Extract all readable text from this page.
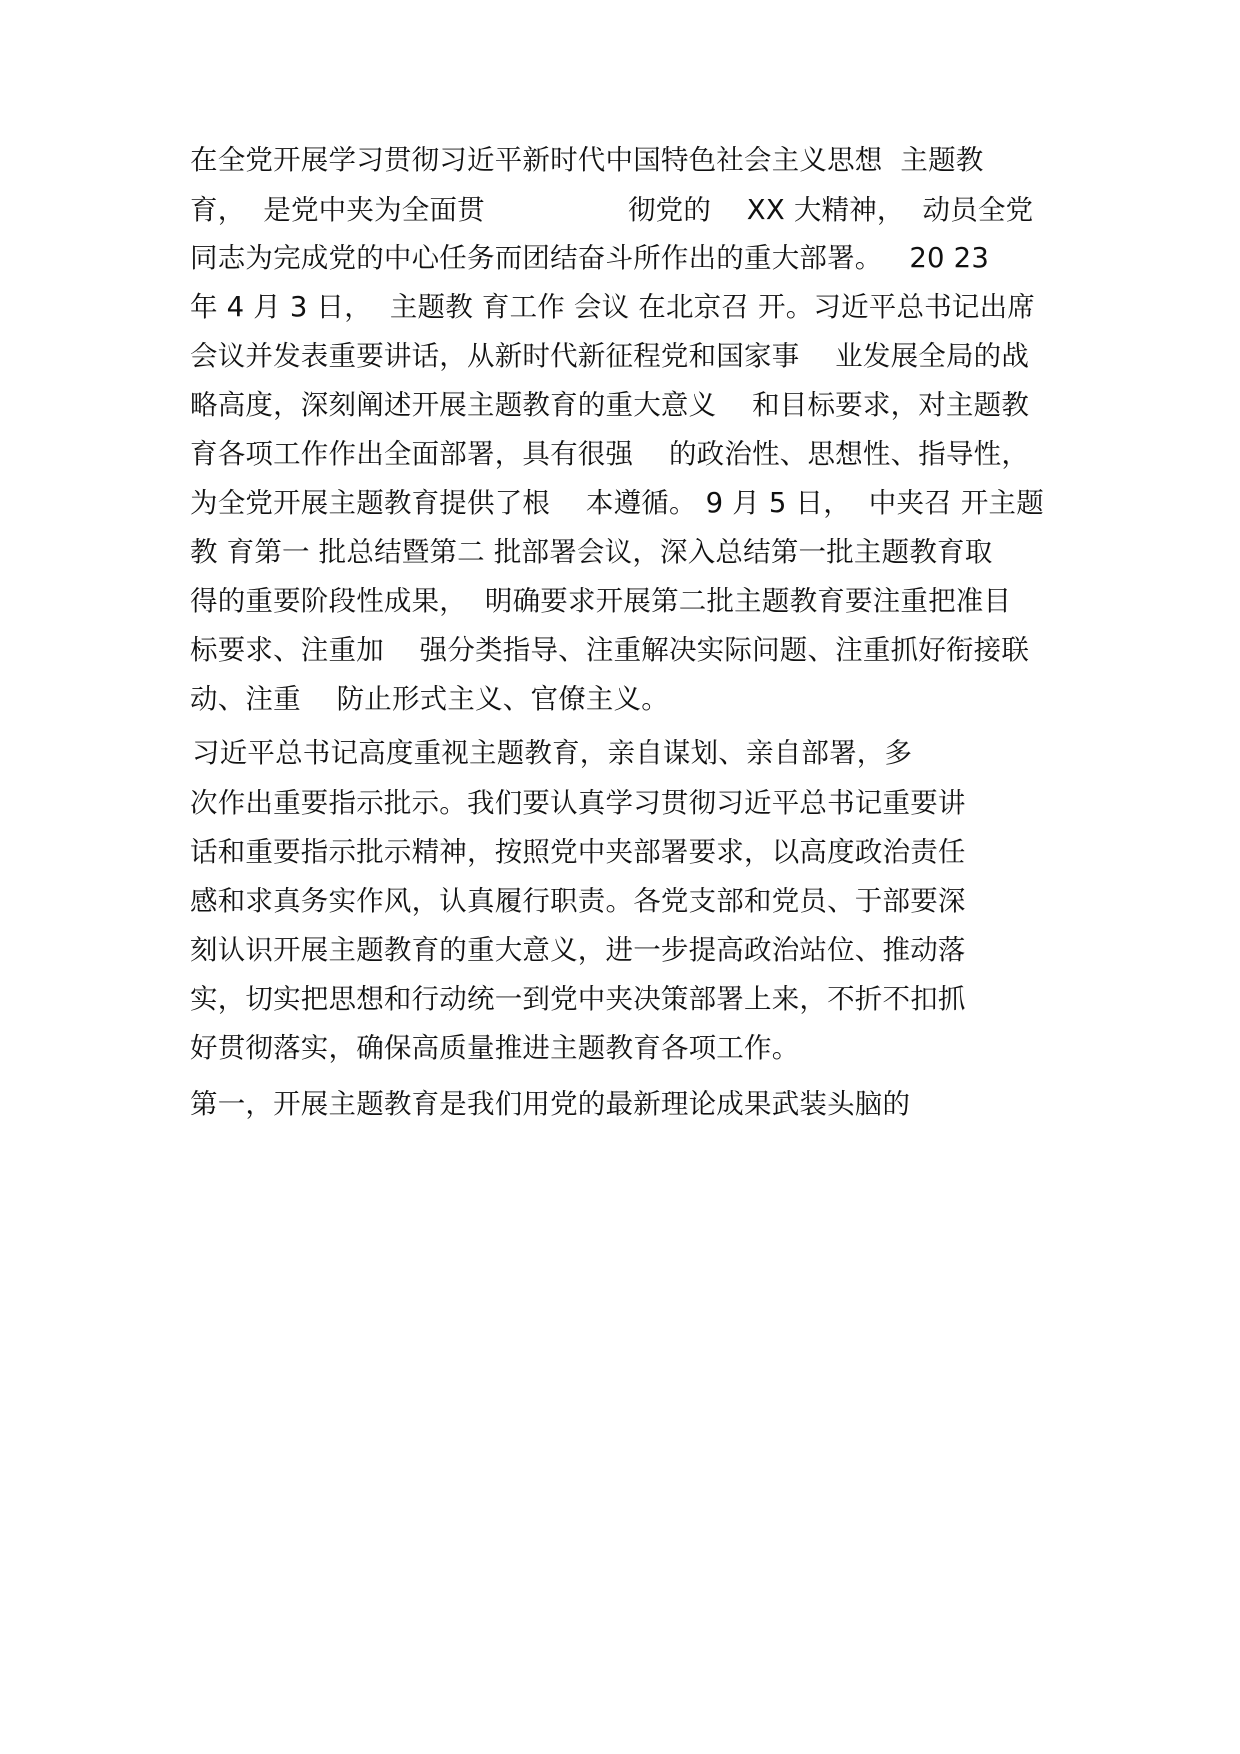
在全党开展学习贯彻习近平新时代中国特色社会主义思想  主题教
育，  是党中夹为全面贯                彻党的    XX 大精神，  动员全党
同志为完成党的中心任务而团结奋斗所作出的重大部署。   20 23
年 4 月 3 日，  主题教 育工作 会议 在北京召 开。习近平总书记出席
会议并发表重要讲话，从新时代新征程党和国家事    业发展全局的战
略高度，深刻阐述开展主题教育的重大意义    和目标要求，对主题教
育各项工作作出全面部署，具有很强    的政治性、思想性、指导性，
为全党开展主题教育提供了根    本遵循。 9 月 5 日，  中夹召 开主题
教 育第一 批总结暨第二 批部署会议，深入总结第一批主题教育取
得的重要阶段性成果，  明确要求开展第二批主题教育要注重把准目
标要求、注重加    强分类指导、注重解决实际问题、注重抓好衔接联
动、注重    防止形式主义、官僚主义。
习近平总书记高度重视主题教育，亲自谋划、亲自部署，多
次作出重要指示批示。我们要认真学习贯彻习近平总书记重要讲
话和重要指示批示精神，按照党中夹部署要求，以高度政治责任
感和求真务实作风，认真履行职责。各党支部和党员、于部要深
刻认识开展主题教育的重大意义，进一步提高政治站位、推动落
实，切实把思想和行动统一到党中夹决策部署上来，不折不扣抓
好贯彻落实，确保高质量推进主题教育各项工作。
第一，开展主题教育是我们用党的最新理论成果武装头脑的
